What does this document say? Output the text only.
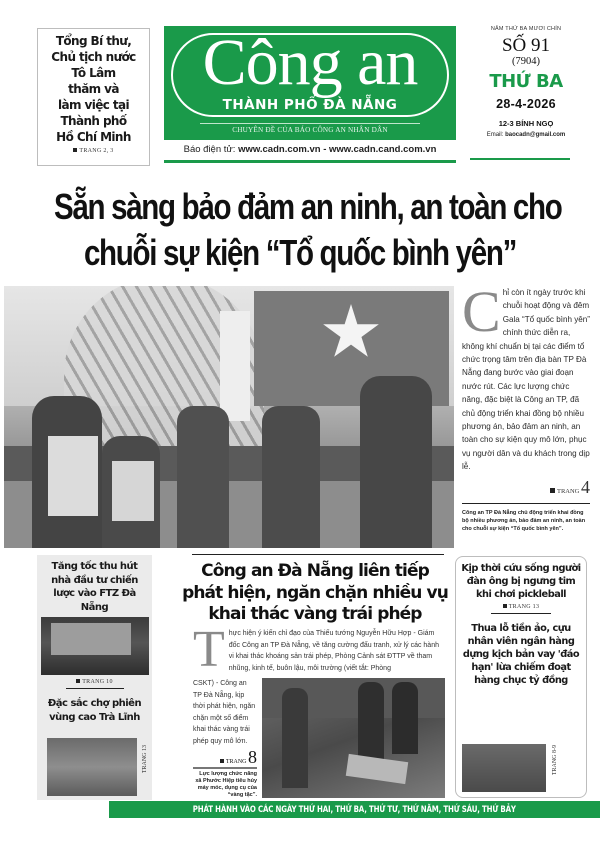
Tổng Bí thư,
Chủ tịch nước
Tô Lâm
thăm và
làm việc tại
Thành phố
Hồ Chí Minh
TRANG 2, 3
Công an
THÀNH PHỐ ĐÀ NẴNG
CHUYÊN ĐỀ CỦA BÁO CÔNG AN NHÂN DÂN
Báo điện tử: www.cadn.com.vn - www.cadn.cand.com.vn
NĂM THỨ BA MƯƠI CHÍN
SỐ 91
(7904)
THỨ BA
28-4-2026
12-3 BÍNH NGỌ
Email: baocadn@gmail.com
Sẵn sàng bảo đảm an ninh, an toàn cho
chuỗi sự kiện “Tổ quốc bình yên”
C hỉ còn ít ngày trước khi chuỗi hoạt động và đêm Gala “Tổ quốc bình yên” chính thức diễn ra, không khí chuẩn bị tại các điểm tổ chức trọng tâm trên địa bàn TP Đà Nẵng đang bước vào giai đoạn nước rút. Các lực lượng chức năng, đặc biệt là Công an TP, đã chủ động triển khai đồng bộ nhiều phương án, bảo đảm an ninh, an toàn cho sự kiện quy mô lớn, phục vụ người dân và du khách trong dịp lễ.
TRANG 4
Công an TP Đà Nẵng chủ động triển khai đồng bộ nhiều phương án, bảo đảm an ninh, an toàn cho chuỗi sự kiện “Tổ quốc bình yên”.
Tăng tốc thu hút nhà đầu tư chiến lược vào FTZ Đà Nẵng
TRANG 10
Đặc sắc chợ phiên vùng cao Trà Lĩnh
TRANG 13
Công an Đà Nẵng liên tiếp
phát hiện, ngăn chặn nhiều vụ
khai thác vàng trái phép
T hực hiện ý kiến chỉ đạo của Thiếu tướng Nguyễn Hữu Hợp - Giám đốc Công an TP Đà Nẵng, về tăng cường đấu tranh, xử lý các hành vi khai thác khoáng sản trái phép, Phòng Cảnh sát ĐTTP về tham nhũng, kinh tế, buôn lậu, môi trường (viết tắt: Phòng
CSKT) - Công an TP Đà Nẵng, kịp thời phát hiện, ngăn chặn một số điểm khai thác vàng trái phép quy mô lớn.
TRANG 8
Lực lượng chức năng xã Phước Hiệp tiêu hủy máy móc, dụng cụ của “vàng tặc”.
Kịp thời cứu sống người đàn ông bị ngưng tim khi chơi pickleball
TRANG 13
Thua lỗ tiền ảo, cựu nhân viên ngân hàng dựng kịch bản vay 'đáo hạn' lừa chiếm đoạt hàng chục tỷ đồng
TRANG 8-9
PHÁT HÀNH VÀO CÁC NGÀY THỨ HAI, THỨ BA, THỨ TƯ, THỨ NĂM, THỨ SÁU, THỨ BẢY
